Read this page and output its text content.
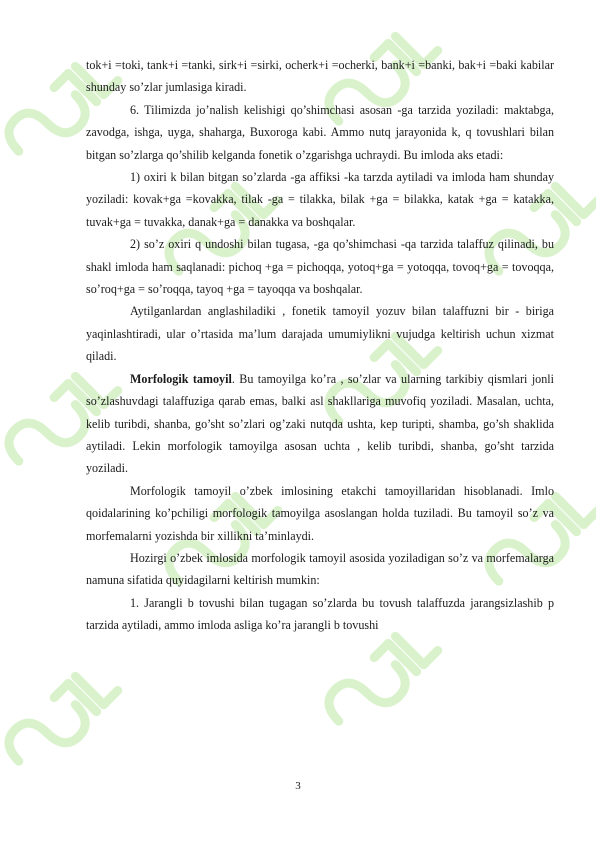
tok+i =toki, tank+i =tanki, sirk+i =sirki, ocherk+i =ocherki, bank+i =banki, bak+i =baki kabilar shunday so’zlar jumlasiga kiradi.

6. Tilimizda jo’nalish kelishigi qo’shimchasi asosan -ga tarzida yoziladi: maktabga, zavodga, ishga, uyga, shaharga, Buxoroga kabi. Ammo nutq jarayonida k, q tovushlari bilan bitgan so’zlarga qo’shilib kelganda fonetik o’zgarishga uchraydi. Bu imloda aks etadi:

1) oxiri k bilan bitgan so’zlarda -ga affiksi -ka tarzda aytiladi va imloda ham shunday yoziladi: kovak+ga =kovakka, tilak -ga = tilakka, bilak +ga = bilakka, katak +ga = katakka, tuvak+ga = tuvakka, danak+ga = danakka va boshqalar.

2) so’z oxiri q undoshi bilan tugasa, -ga qo’shimchasi -qa tarzida talaffuz qilinadi, bu shakl imloda ham saqlanadi: pichoq +ga = pichoqqa, yotoq+ga = yotoqqa, tovoq+ga = tovoqqa, so’roq+ga = so’roqqa, tayoq +ga = tayoqqa va boshqalar.

Aytilganlardan anglashiladiki , fonetik tamoyil yozuv bilan talaffuzni bir - biriga yaqinlashtiradi, ular o’rtasida ma’lum darajada umumiylikni vujudga keltirish uchun xizmat qiladi.

Morfologik tamoyil. Bu tamoyilga ko’ra , so’zlar va ularning tarkibiy qismlari jonli so’zlashuvdagi talaffuziga qarab emas, balki asl shakllariga muvofiq yoziladi. Masalan, uchta, kelib turibdi, shanba, go’sht so’zlari og’zaki nutqda ushta, kep turipti, shamba, go’sh shaklida aytiladi. Lekin morfologik tamoyilga asosan uchta , kelib turibdi, shanba, go’sht tarzida yoziladi.

Morfologik tamoyil o’zbek imlosining etakchi tamoyillaridan hisoblanadi. Imlo qoidalarining ko’pchiligi morfologik tamoyilga asoslangan holda tuziladi. Bu tamoyil so’z va morfemalarni yozishda bir xillikni ta’minlaydi.

Hozirgi o’zbek imlosida morfologik tamoyil asosida yoziladigan so’z va morfemalarga namuna sifatida quyidagilarni keltirish mumkin:

1. Jarangli b tovushi bilan tugagan so’zlarda bu tovush talaffuzda jarangsizlashib p tarzida aytiladi, ammo imloda asliga ko’ra jarangli b tovushi

3
